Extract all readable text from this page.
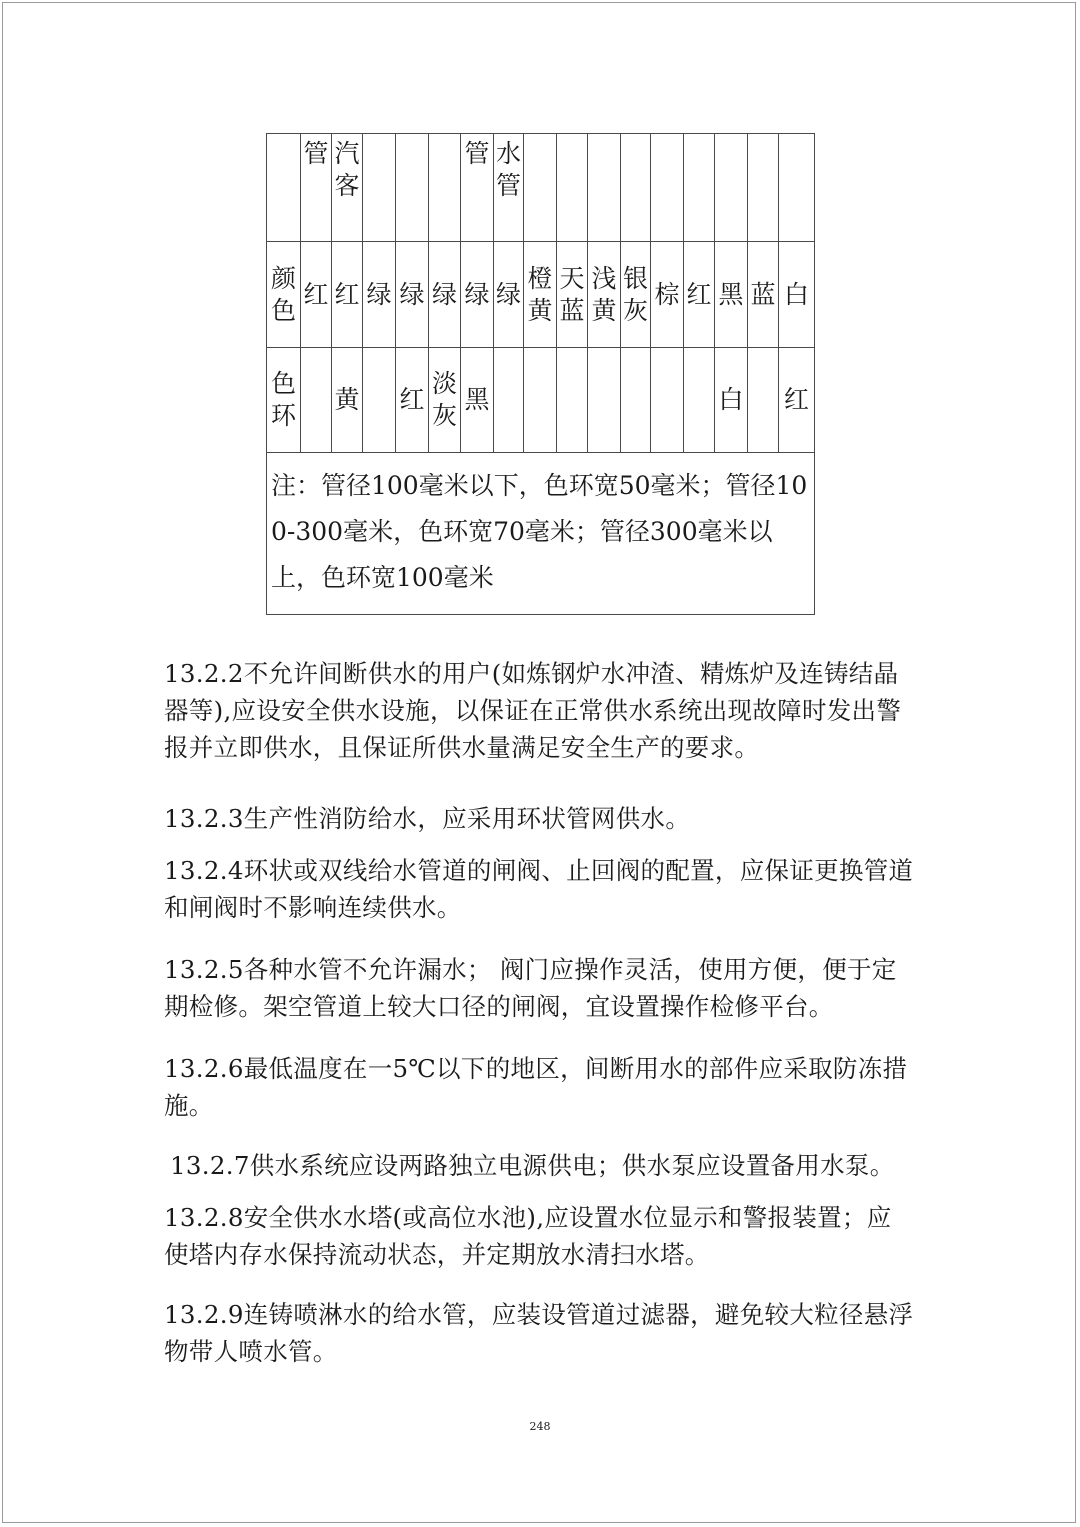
	管	汽客				管	水管									

颜色	红	红	绿	绿	绿	绿	绿	橙黄	天蓝	浅黄	银灰	棕	红	黑	蓝	白

色环		黄		红	淡灰	黑								白		红

注：管径100毫米以下，色环宽50毫米；管径100-300毫米，色环宽70毫米；管径300毫米以上，色环宽100毫米																

13.2.2不允许间断供水的用户(如炼钢炉水冲渣、精炼炉及连铸结晶器等),应设安全供水设施，以保证在正常供水系统出现故障时发出警报并立即供水，且保证所供水量满足安全生产的要求。

13.2.3生产性消防给水，应采用环状管网供水。

13.2.4环状或双线给水管道的闸阀、止回阀的配置，应保证更换管道和闸阀时不影响连续供水。

13.2.5各种水管不允许漏水； 阀门应操作灵活，使用方便，便于定期检修。架空管道上较大口径的闸阀，宜设置操作检修平台。

13.2.6最低温度在一5℃以下的地区，间断用水的部件应采取防冻措施。

13.2.7供水系统应设两路独立电源供电；供水泵应设置备用水泵。

13.2.8安全供水水塔(或高位水池),应设置水位显示和警报装置；应使塔内存水保持流动状态，并定期放水清扫水塔。

13.2.9连铸喷淋水的给水管，应装设管道过滤器，避免较大粒径悬浮物带人喷水管。

248
